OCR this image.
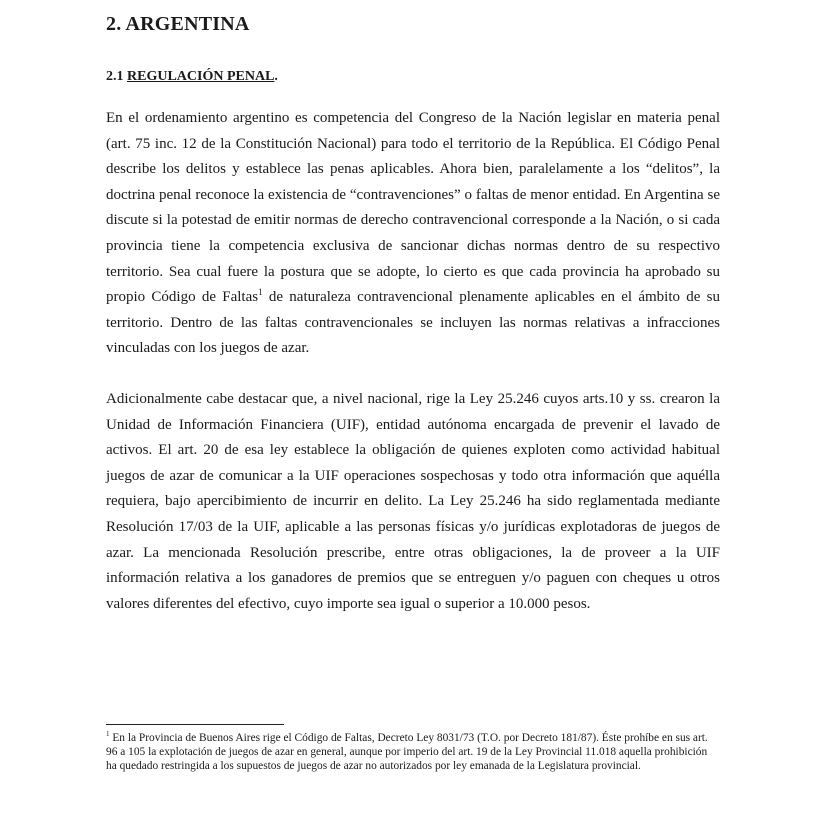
2. ARGENTINA
2.1 REGULACIÓN PENAL.

En el ordenamiento argentino es competencia del Congreso de la Nación legislar en materia penal (art. 75 inc. 12 de la Constitución Nacional) para todo el territorio de la República. El Código Penal describe los delitos y establece las penas aplicables. Ahora bien, paralelamente a los “delitos”, la doctrina penal reconoce la existencia de “contravenciones” o faltas de menor entidad. En Argentina se discute si la potestad de emitir normas de derecho contravencional corresponde a la Nación, o si cada provincia tiene la competencia exclusiva de sancionar dichas normas dentro de su respectivo territorio. Sea cual fuere la postura que se adopte, lo cierto es que cada provincia ha aprobado su propio Código de Faltas$^1$ de naturaleza contravencional plenamente aplicables en el ámbito de su territorio. Dentro de las faltas contravencionales se incluyen las normas relativas a infracciones vinculadas con los juegos de azar.

Adicionalmente cabe destacar que, a nivel nacional, rige la Ley 25.246 cuyos arts.10 y ss. crearon la Unidad de Información Financiera (UIF), entidad autónoma encargada de prevenir el lavado de activos. El art. 20 de esa ley establece la obligación de quienes exploten como actividad habitual juegos de azar de comunicar a la UIF operaciones sospechosas y todo otra información que aquélla requiera, bajo apercibimiento de incurrir en delito. La Ley 25.246 ha sido reglamentada mediante Resolución 17/03 de la UIF, aplicable a las personas físicas y/o jurídicas explotadoras de juegos de azar. La mencionada Resolución prescribe, entre otras obligaciones, la de proveer a la UIF información relativa a los ganadores de premios que se entreguen y/o paguen con cheques u otros valores diferentes del efectivo, cuyo importe sea igual o superior a 10.000 pesos.

$^1$ En la Provincia de Buenos Aires rige el Código de Faltas, Decreto Ley 8031/73 (T.O. por Decreto 181/87). Éste prohíbe en sus art. 96 a 105 la explotación de juegos de azar en general, aunque por imperio del art. 19 de la Ley Provincial 11.018 aquella prohibición ha quedado restringida a los supuestos de juegos de azar no autorizados por ley emanada de la Legislatura provincial.
